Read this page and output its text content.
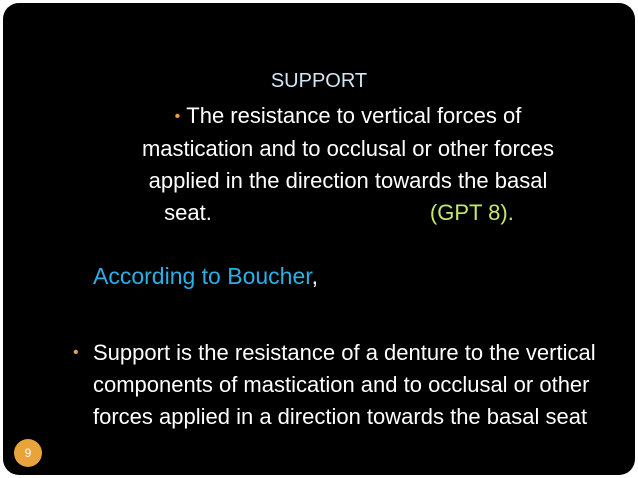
SUPPORT
• The resistance to vertical forces of
mastication and to occlusal or other forces
applied in the direction towards the basal
seat.	(GPT 8).
According to Boucher,
• Support is the resistance of a denture to the vertical components of mastication and to occlusal or other forces applied in a direction towards the basal seat
9
